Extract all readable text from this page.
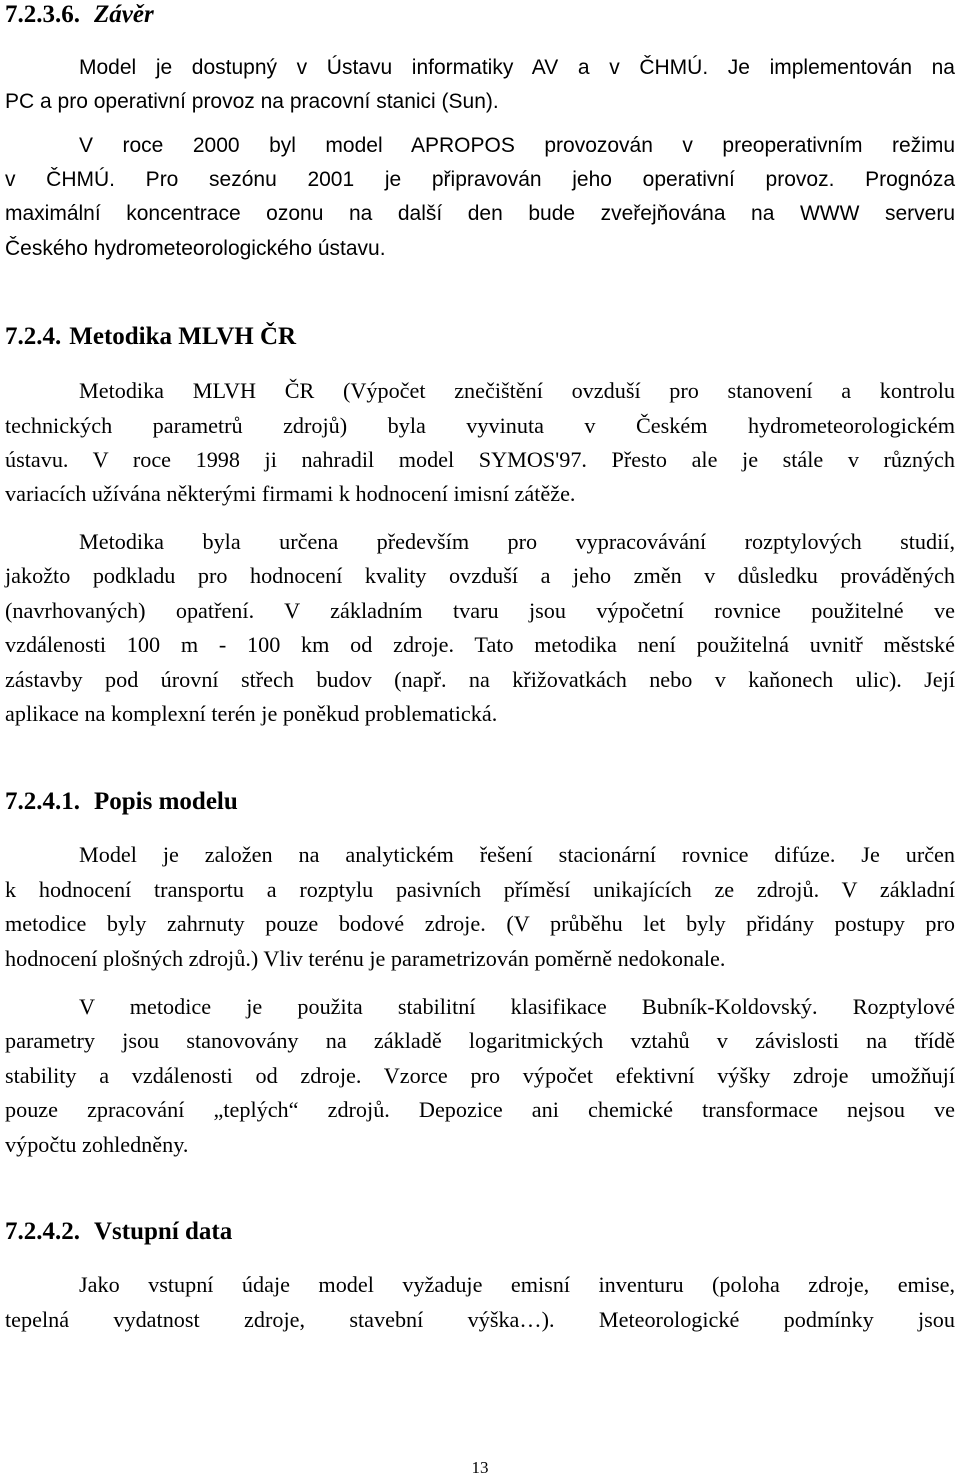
7.2.3.6. Závěr
Model je dostupný v Ústavu informatiky AV a v ČHMÚ. Je implementován na
PC a pro operativní provoz na pracovní stanici (Sun).
V roce 2000 byl model APROPOS provozován v preoperativním režimu
v ČHMÚ. Pro sezónu 2001 je připravován jeho operativní provoz. Prognóza
maximální koncentrace ozonu na další den bude zveřejňována na WWW serveru
Českého hydrometeorologického ústavu.
7.2.4. Metodika MLVH ČR
Metodika MLVH ČR (Výpočet znečištění ovzduší pro stanovení a kontrolu
technických parametrů zdrojů) byla vyvinuta v Českém hydrometeorologickém
ústavu. V roce 1998 ji nahradil model SYMOS'97. Přesto ale je stále v různých
variacích užívána některými firmami k hodnocení imisní zátěže.
Metodika byla určena především pro vypracovávání rozptylových studií,
jakožto podkladu pro hodnocení kvality ovzduší a jeho změn v důsledku prováděných
(navrhovaných) opatření. V základním tvaru jsou výpočetní rovnice použitelné ve
vzdálenosti 100 m - 100 km od zdroje. Tato metodika není použitelná uvnitř městské
zástavby pod úrovní střech budov (např. na křižovatkách nebo v kaňonech ulic). Její
aplikace na komplexní terén je poněkud problematická.
7.2.4.1. Popis modelu
Model je založen na analytickém řešení stacionární rovnice difúze. Je určen
k hodnocení transportu a rozptylu pasivních příměsí unikajících ze zdrojů. V základní
metodice byly zahrnuty pouze bodové zdroje. (V průběhu let byly přidány postupy pro
hodnocení plošných zdrojů.) Vliv terénu je parametrizován poměrně nedokonale.
V metodice je použita stabilitní klasifikace Bubník-Koldovský. Rozptylové
parametry jsou stanovovány na základě logaritmických vztahů v závislosti na třídě
stability a vzdálenosti od zdroje. Vzorce pro výpočet efektivní výšky zdroje umožňují
pouze zpracování „teplých“ zdrojů. Depozice ani chemické transformace nejsou ve
výpočtu zohledněny.
7.2.4.2. Vstupní data
Jako vstupní údaje model vyžaduje emisní inventuru (poloha zdroje, emise,
tepelná vydatnost zdroje, stavební výška…). Meteorologické podmínky jsou
13
